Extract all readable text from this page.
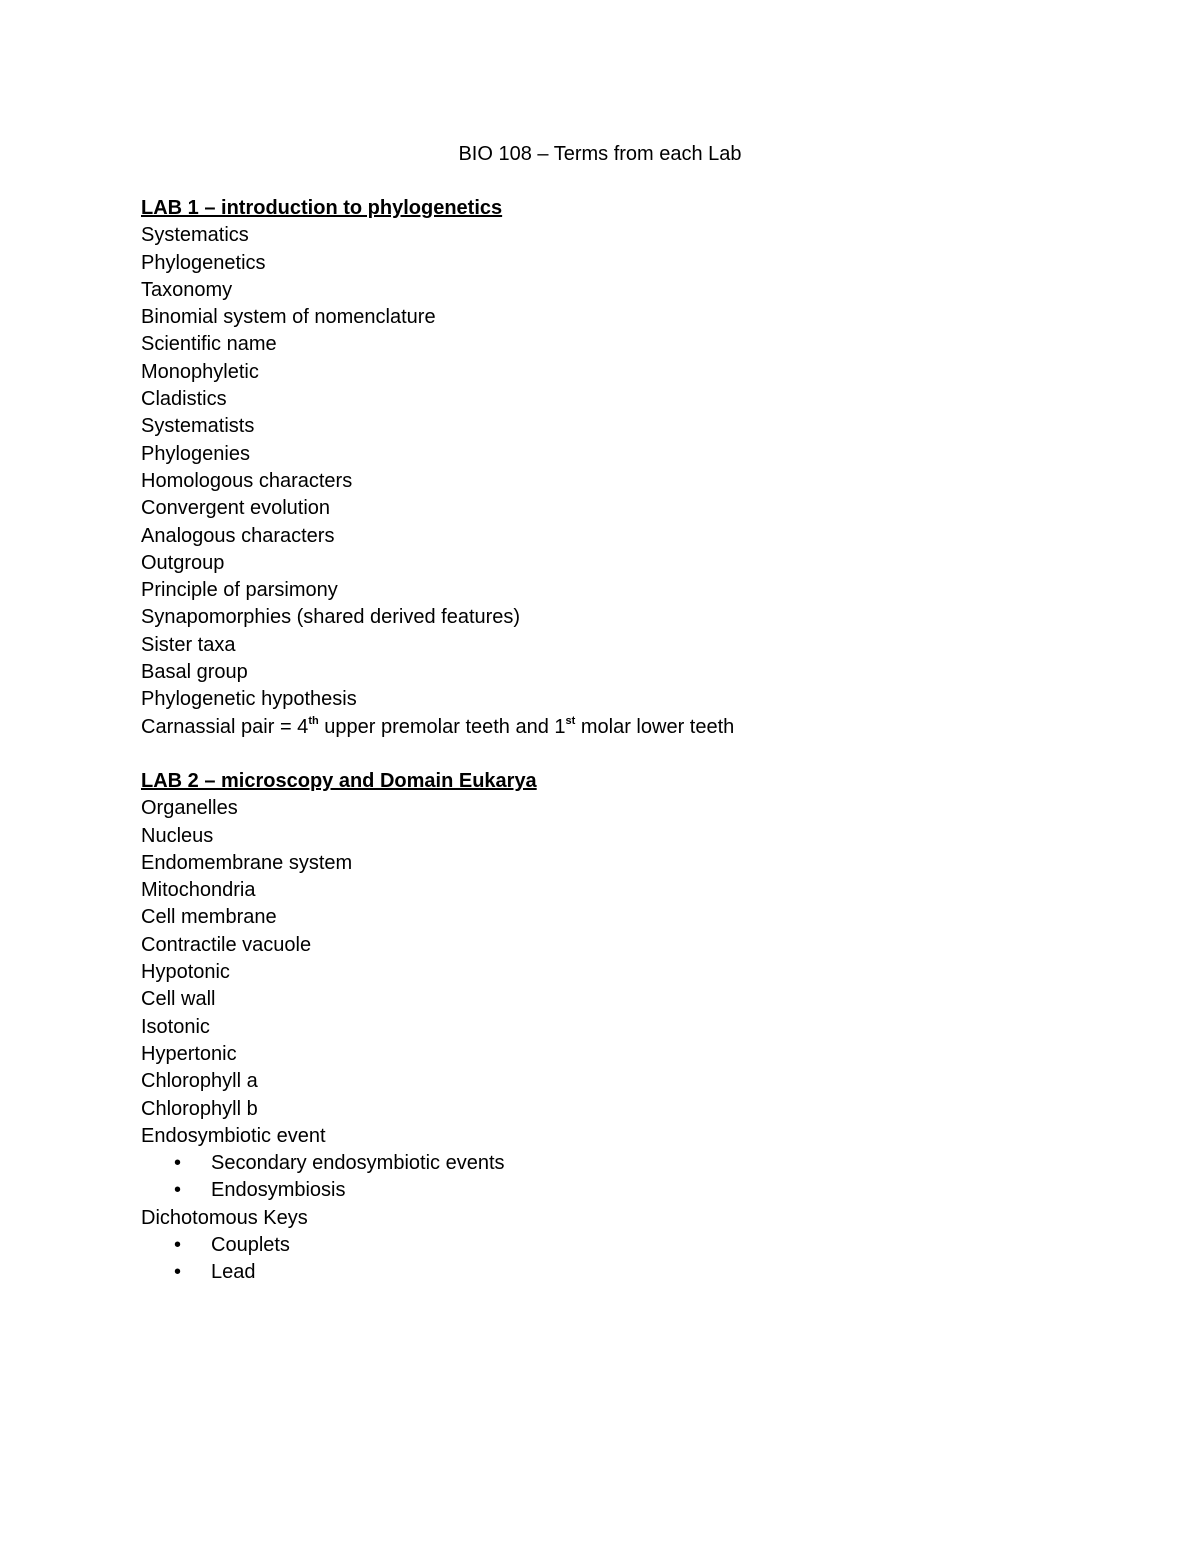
BIO 108 – Terms from each Lab
LAB 1 – introduction to phylogenetics
Systematics
Phylogenetics
Taxonomy
Binomial system of nomenclature
Scientific name
Monophyletic
Cladistics
Systematists
Phylogenies
Homologous characters
Convergent evolution
Analogous characters
Outgroup
Principle of parsimony
Synapomorphies (shared derived features)
Sister taxa
Basal group
Phylogenetic hypothesis
Carnassial pair = 4th upper premolar teeth and 1st molar lower teeth
LAB 2 – microscopy and Domain Eukarya
Organelles
Nucleus
Endomembrane system
Mitochondria
Cell membrane
Contractile vacuole
Hypotonic
Cell wall
Isotonic
Hypertonic
Chlorophyll a
Chlorophyll b
Endosymbiotic event
• Secondary endosymbiotic events
• Endosymbiosis
Dichotomous Keys
• Couplets
• Lead
